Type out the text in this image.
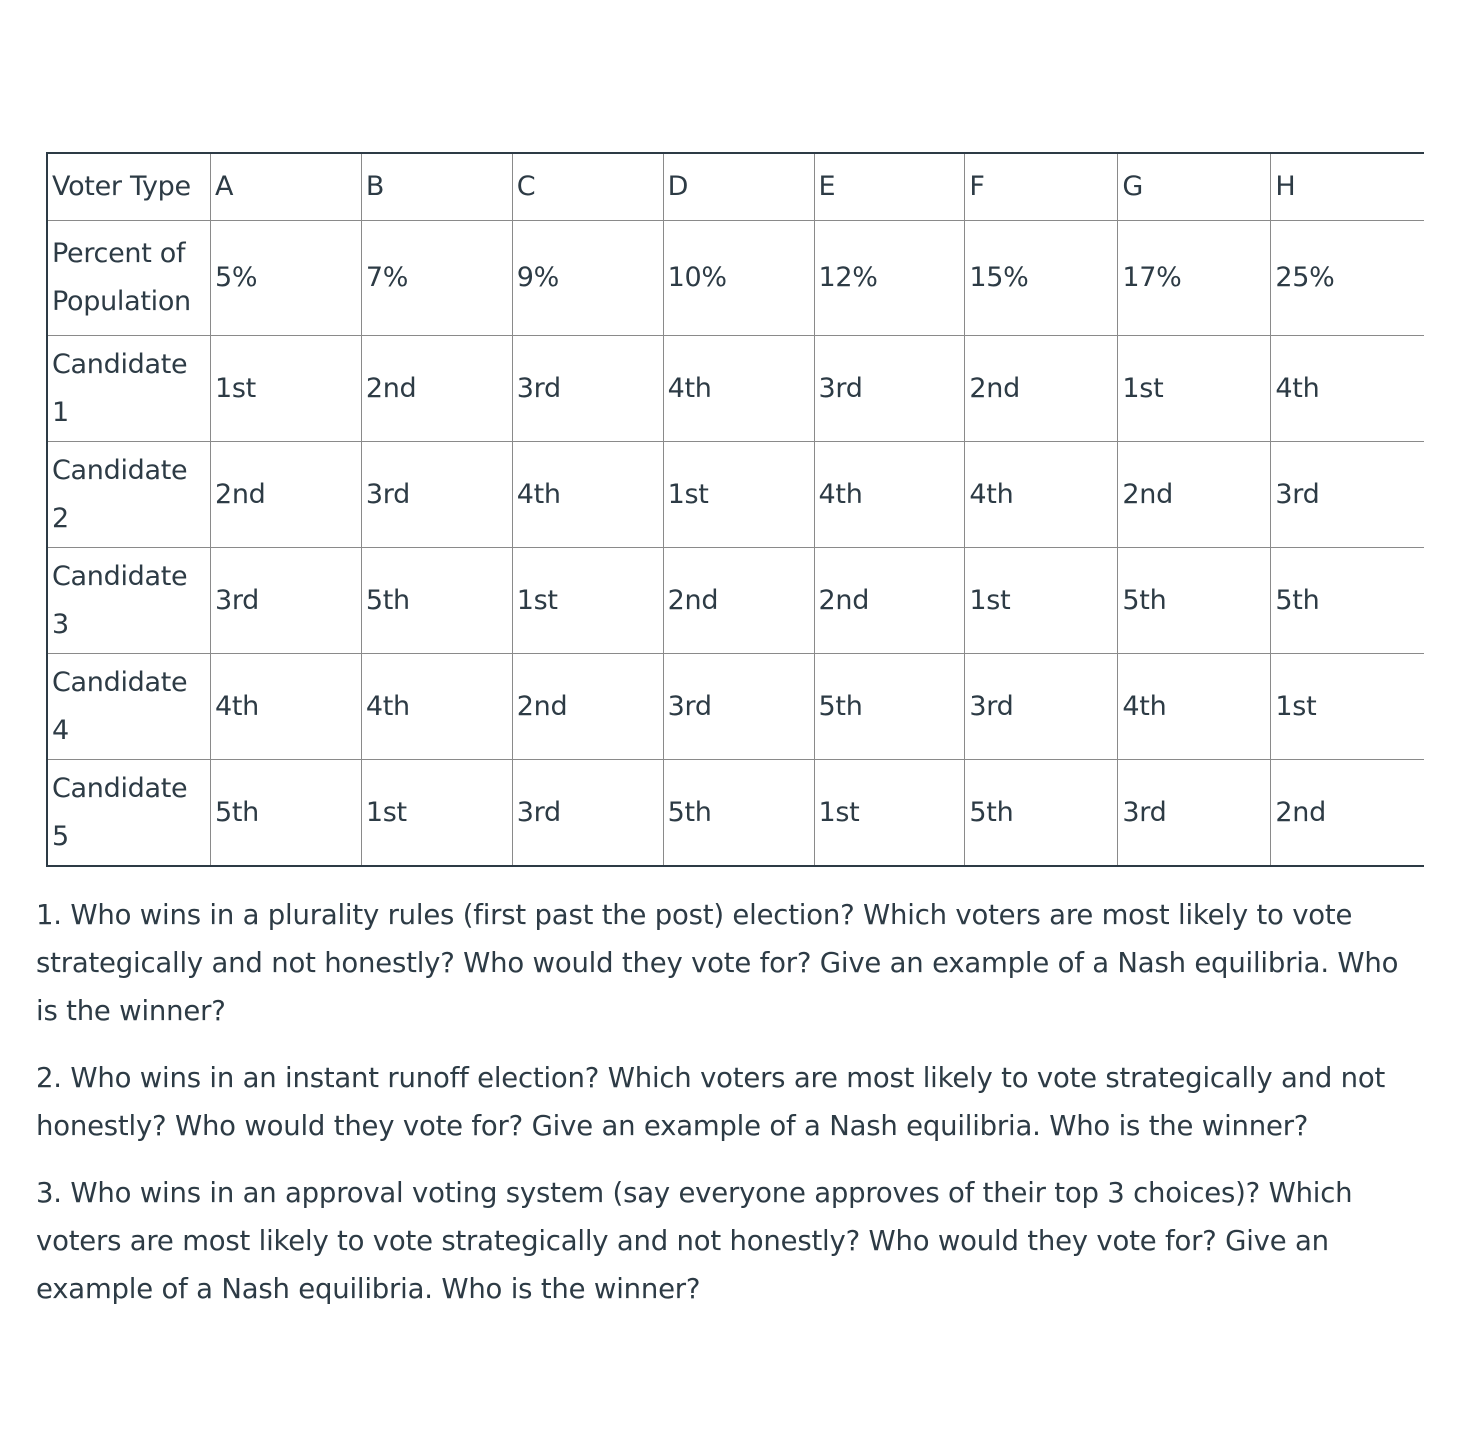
Voter Type	A	B	C	D	E	F	G	H
Percent of Population	5%	7%	9%	10%	12%	15%	17%	25%
Candidate 1	1st	2nd	3rd	4th	3rd	2nd	1st	4th
Candidate 2	2nd	3rd	4th	1st	4th	4th	2nd	3rd
Candidate 3	3rd	5th	1st	2nd	2nd	1st	5th	5th
Candidate 4	4th	4th	2nd	3rd	5th	3rd	4th	1st
Candidate 5	5th	1st	3rd	5th	1st	5th	3rd	2nd

1. Who wins in a plurality rules (first past the post) election? Which voters are most likely to vote strategically and not honestly? Who would they vote for? Give an example of a Nash equilibria. Who is the winner?

2. Who wins in an instant runoff election? Which voters are most likely to vote strategically and not honestly? Who would they vote for? Give an example of a Nash equilibria. Who is the winner?

3. Who wins in an approval voting system (say everyone approves of their top 3 choices)? Which voters are most likely to vote strategically and not honestly? Who would they vote for? Give an example of a Nash equilibria. Who is the winner?
